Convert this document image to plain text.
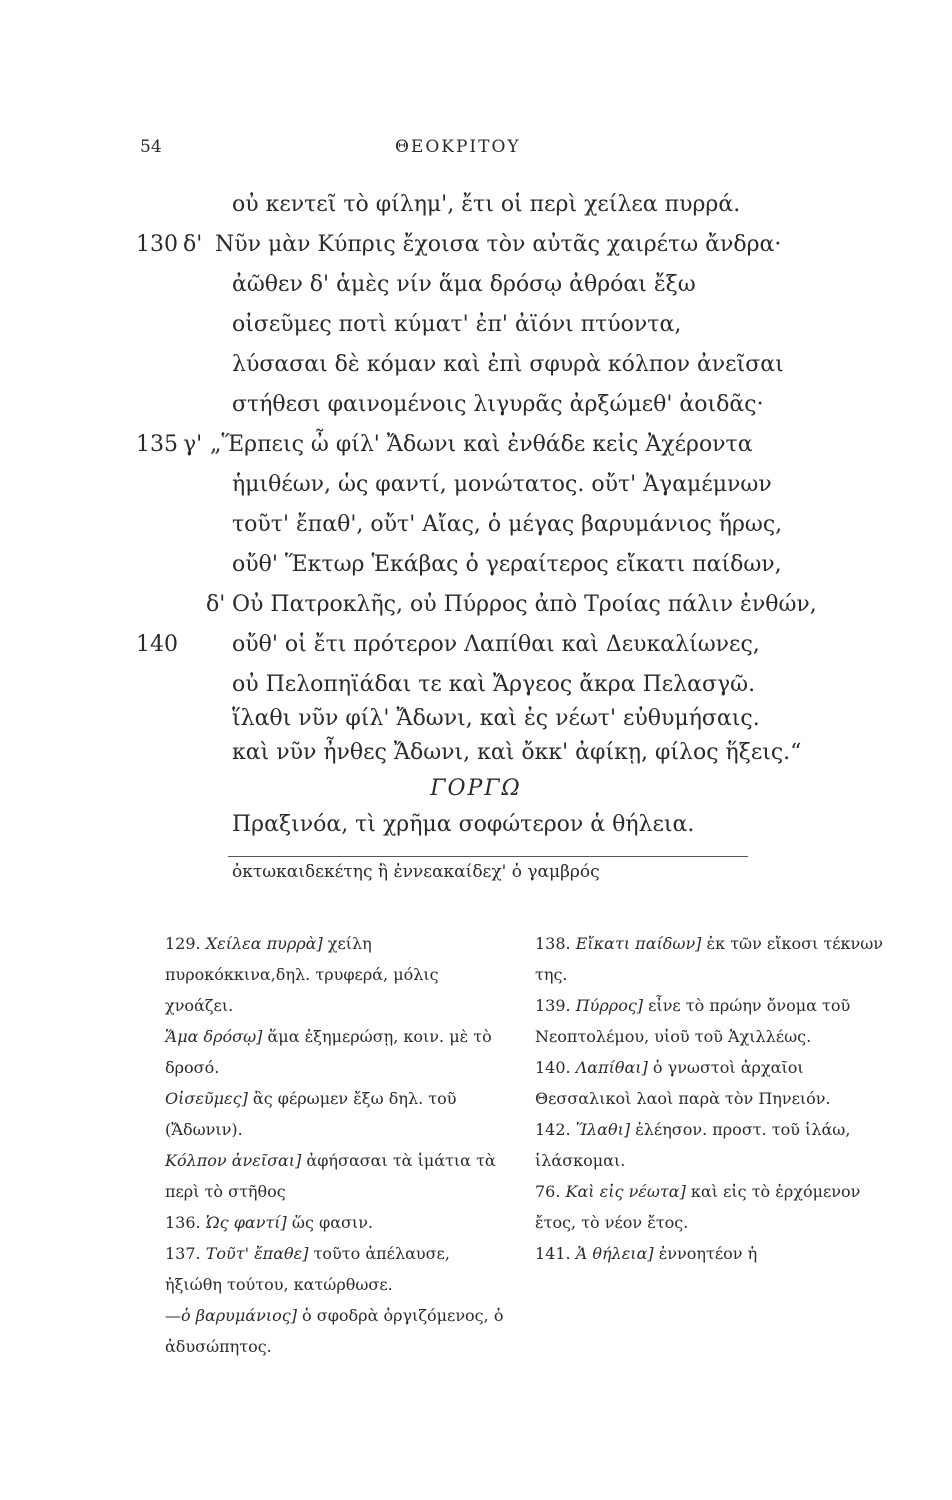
54	ΘΕΟΚΡΙΤΟΥ
οὐ κεντεῖ τὸ φίλημ', ἔτι οἱ περὶ χείλεα πυρρά.
130 δ' Νῦν μὰν Κύπρις ἔχοισα τὸν αὐτᾶς χαιρέτω ἄνδρα·
ἀῶθεν δ' ἁμὲς νίν ἅμα δρόσῳ ἀθρόαι ἔξω
οἰσεῦμες ποτὶ κύματ' ἐπ' ἀϊόνι πτύοντα,
λύσασαι δὲ κόμαν καὶ ἐπὶ σφυρὰ κόλπον ἀνεῖσαι
στήθεσι φαινομένοις λιγυρᾶς ἀρξώμεθ' ἀοιδᾶς·
135 γ' „Ἕρπεις ὦ φίλ' Ἄδωνι καὶ ἐνθάδε κεἰς Ἀχέροντα
ἡμιθέων, ὡς φαντί, μονώτατος. οὔτ' Ἀγαμέμνων
τοῦτ' ἔπαθ', οὔτ' Αἴας, ὁ μέγας βαρυμάνιος ἥρως,
οὔθ' Ἕκτωρ Ἑκάβας ὁ γεραίτερος εἴκατι παίδων,
δ' Οὐ Πατροκλῆς, οὐ Πύρρος ἀπὸ Τροίας πάλιν ἐνθών,
140 οὔθ' οἱ ἔτι πρότερον Λαπίθαι καὶ Δευκαλίωνες,
οὐ Πελοπηϊάδαι τε καὶ Ἄργεος ἄκρα Πελασγῶ.
ἵλαθι νῦν φίλ' Ἄδωνι, καὶ ἐς νέωτ' εὐθυμήσαις.
καὶ νῦν ἦνθες Ἄδωνι, καὶ ὄκκ' ἀφίκῃ, φίλος ἥξεις.“
ΓΟΡΓΩ
Πραξινόα, τὶ χρῆμα σοφώτερον ἁ θήλεια.
ὀκτωκαιδεκέτης ἢ ἐννεακαίδεχ' ὁ γαμβρός

129. Χείλεα πυρρὰ] χείλη πυροκόκκινα,δηλ. τρυφερά, μόλις χνοάζει.

Ἅμα δρόσῳ] ἅμα ἐξημερώσῃ, κοιν. μὲ τὸ δροσό.

Οἰσεῦμες] ἂς φέρωμεν ἔξω δηλ. τοῦ (Ἄδωνιν).

Κόλπον ἀνεῖσαι] ἀφήσασαι τὰ ἱμάτια τὰ περὶ τὸ στῆθος

136. Ὡς φαντί] ὥς φασιν.

137. Τοῦτ' ἔπαθε] τοῦτο ἀπέλαυσε, ἠξιώθη τούτου, κατώρθωσε.

—ὁ βαρυμάνιος] ὁ σφοδρὰ ὀργιζόμενος, ὁ ἀδυσώπητος.

138. Εἴκατι παίδων] ἐκ τῶν εἴκοσι τέκνων της.

139. Πύρρος] εἶνε τὸ πρώην ὄνομα τοῦ Νεοπτολέμου, υἱοῦ τοῦ Ἀχιλλέως.

140. Λαπίθαι] ὁ γνωστοὶ ἀρχαῖοι Θεσσαλικοὶ λαοὶ παρὰ τὸν Πηνειόν.

142. Ἵλαθι] ἐλέησον. προστ. τοῦ ἱλάω, ἱλάσκομαι.

76. Καὶ εἰς νέωτα] καὶ εἰς τὸ ἐρχόμενον ἔτος, τὸ νέον ἔτος.

141. Ἁ θήλεια] ἐννοητέον ἡ
